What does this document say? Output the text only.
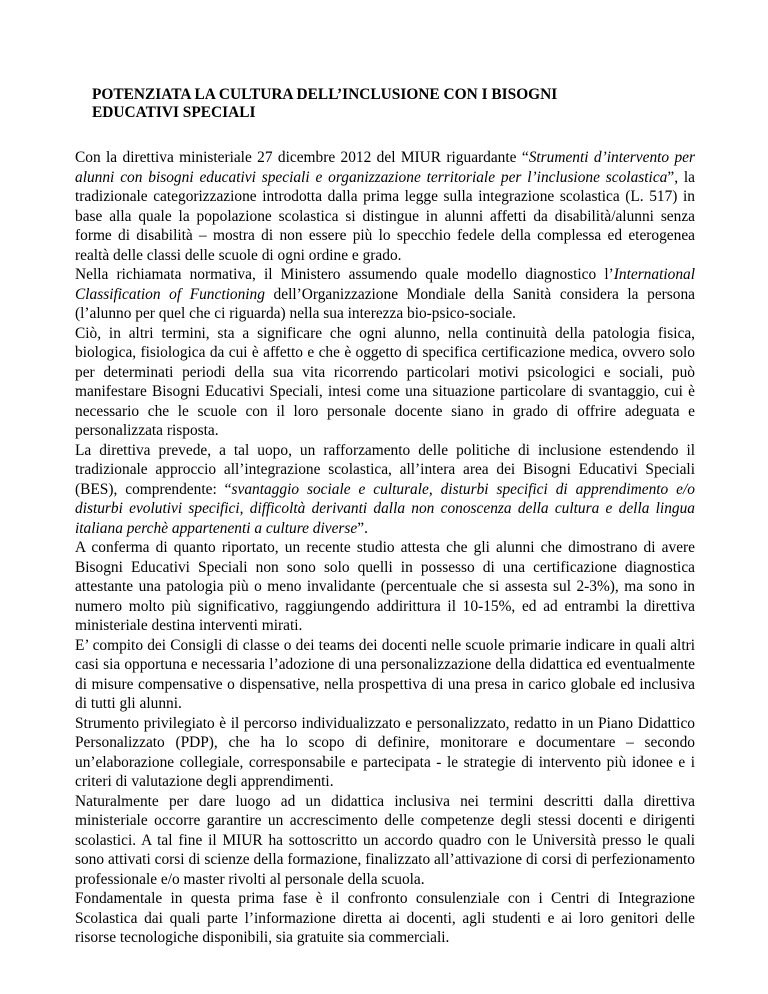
POTENZIATA LA CULTURA DELL’INCLUSIONE CON I BISOGNI
EDUCATIVI SPECIALI

Con la direttiva ministeriale 27 dicembre 2012 del MIUR riguardante “Strumenti d’intervento per alunni con bisogni educativi speciali e organizzazione territoriale per l’inclusione scolastica”, la tradizionale categorizzazione introdotta dalla prima legge sulla integrazione scolastica (L. 517) in base alla quale la popolazione scolastica si distingue in alunni affetti da disabilità/alunni senza forme di disabilità – mostra di non essere più lo specchio fedele della complessa ed eterogenea realtà delle classi delle scuole di ogni ordine e grado.

Nella richiamata normativa, il Ministero assumendo quale modello diagnostico l’International Classification of Functioning dell’Organizzazione Mondiale della Sanità considera la persona (l’alunno per quel che ci riguarda) nella sua interezza bio-psico-sociale.

Ciò, in altri termini, sta a significare che ogni alunno, nella continuità della patologia fisica, biologica, fisiologica da cui è affetto e che è oggetto di specifica certificazione medica, ovvero solo per determinati periodi della sua vita ricorrendo particolari motivi psicologici e sociali, può manifestare Bisogni Educativi Speciali, intesi come una situazione particolare di svantaggio, cui è necessario che le scuole con il loro personale docente siano in grado di offrire adeguata e personalizzata risposta.

La direttiva prevede, a tal uopo, un rafforzamento delle politiche di inclusione estendendo il tradizionale approccio all’integrazione scolastica, all’intera area dei Bisogni Educativi Speciali (BES), comprendente: “svantaggio sociale e culturale, disturbi specifici di apprendimento e/o disturbi evolutivi specifici, difficoltà derivanti dalla non conoscenza della cultura e della lingua italiana perchè appartenenti a culture diverse”.

A conferma di quanto riportato, un recente studio attesta che gli alunni che dimostrano di avere Bisogni Educativi Speciali non sono solo quelli in possesso di una certificazione diagnostica attestante una patologia più o meno invalidante (percentuale che si assesta sul 2-3%), ma sono in numero molto più significativo, raggiungendo addirittura il 10-15%, ed ad entrambi la direttiva ministeriale destina interventi mirati.

E’ compito dei Consigli di classe o dei teams dei docenti nelle scuole primarie indicare in quali altri casi sia opportuna e necessaria l’adozione di una personalizzazione della didattica ed eventualmente di misure compensative o dispensative, nella prospettiva di una presa in carico globale ed inclusiva di tutti gli alunni.

Strumento privilegiato è il percorso individualizzato e personalizzato, redatto in un Piano Didattico Personalizzato (PDP), che ha lo scopo di definire, monitorare e documentare – secondo un’elaborazione collegiale, corresponsabile e partecipata - le strategie di intervento più idonee e i criteri di valutazione degli apprendimenti.

Naturalmente per dare luogo ad un didattica inclusiva nei termini descritti dalla direttiva ministeriale occorre garantire un accrescimento delle competenze degli stessi docenti e dirigenti scolastici. A tal fine il MIUR ha sottoscritto un accordo quadro con le Università presso le quali sono attivati corsi di scienze della formazione, finalizzato all’attivazione di corsi di perfezionamento professionale e/o master rivolti al personale della scuola.

Fondamentale in questa prima fase è il confronto consulenziale con i Centri di Integrazione Scolastica dai quali parte l’informazione diretta ai docenti, agli studenti e ai loro genitori delle risorse tecnologiche disponibili, sia gratuite sia commerciali.
